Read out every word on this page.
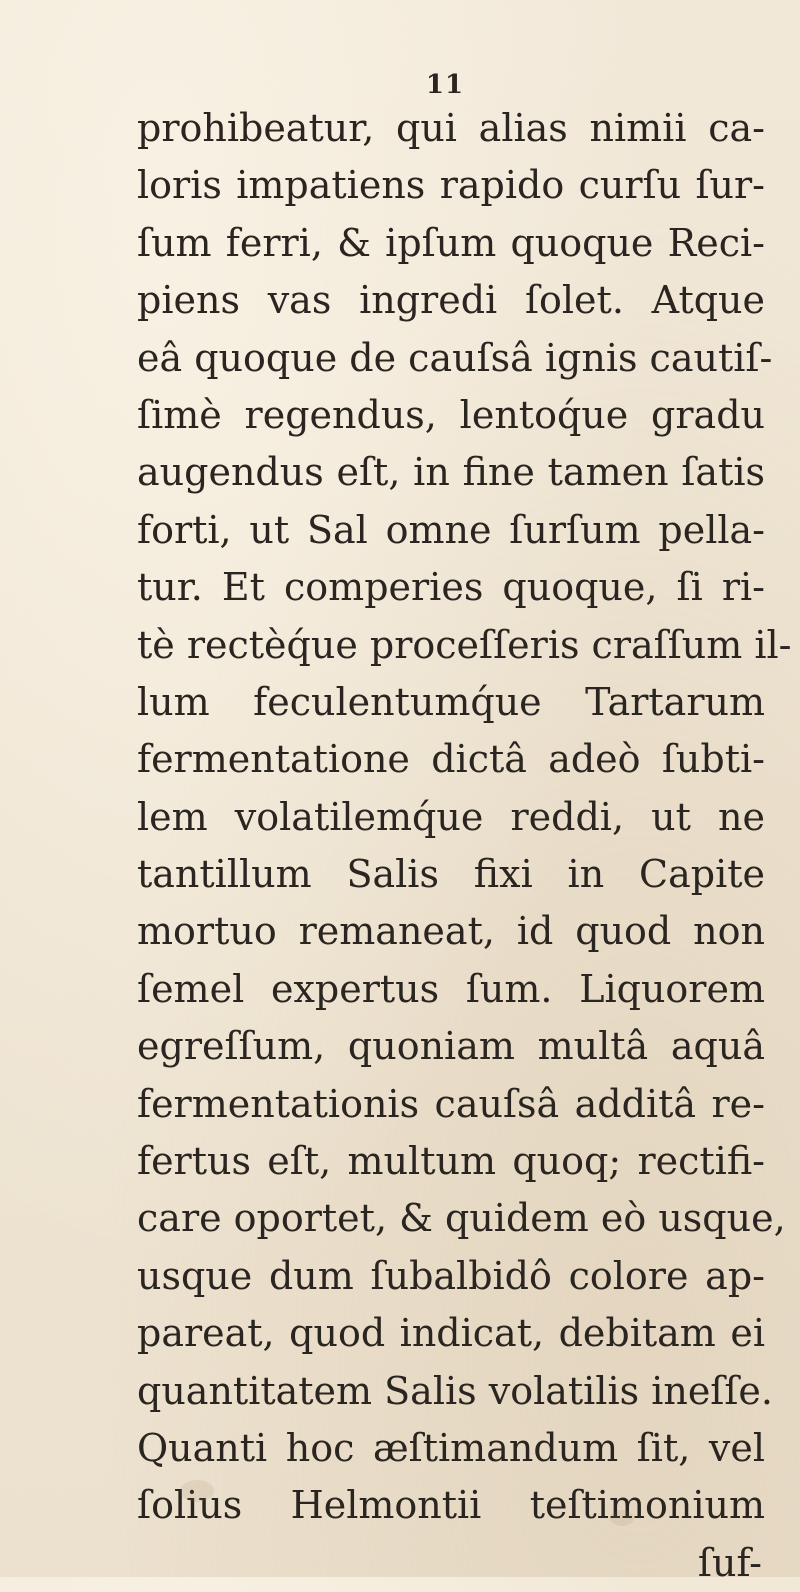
11
prohibeatur, qui alias nimii ca-
loris impatiens rapido curſu ſur-
ſum ferri, & ipſum quoque Reci-
piens vas ingredi ſolet. Atque
eâ quoque de cauſsâ ignis cautiſ-
ſimè regendus, lentoq́ue gradu
augendus eſt, in fine tamen ſatis
forti, ut Sal omne ſurſum pella-
tur. Et comperies quoque, ſi ri-
tè rectèq́ue proceſſeris craſſum il-
lum feculentumq́ue Tartarum
fermentatione dictâ adeò ſubti-
lem volatilemq́ue reddi, ut ne
tantillum Salis fixi in Capite
mortuo remaneat, id quod non
ſemel expertus ſum. Liquorem
egreſſum, quoniam multâ aquâ
fermentationis cauſsâ additâ re-
fertus eſt, multum quoq; rectifi-
care oportet, & quidem eò usque,
usque dum ſubalbidô colore ap-
pareat, quod indicat, debitam ei
quantitatem Salis volatilis ineſſe.
Quanti hoc æſtimandum ſit, vel
ſolius Helmontii teſtimonium
ſuf-
